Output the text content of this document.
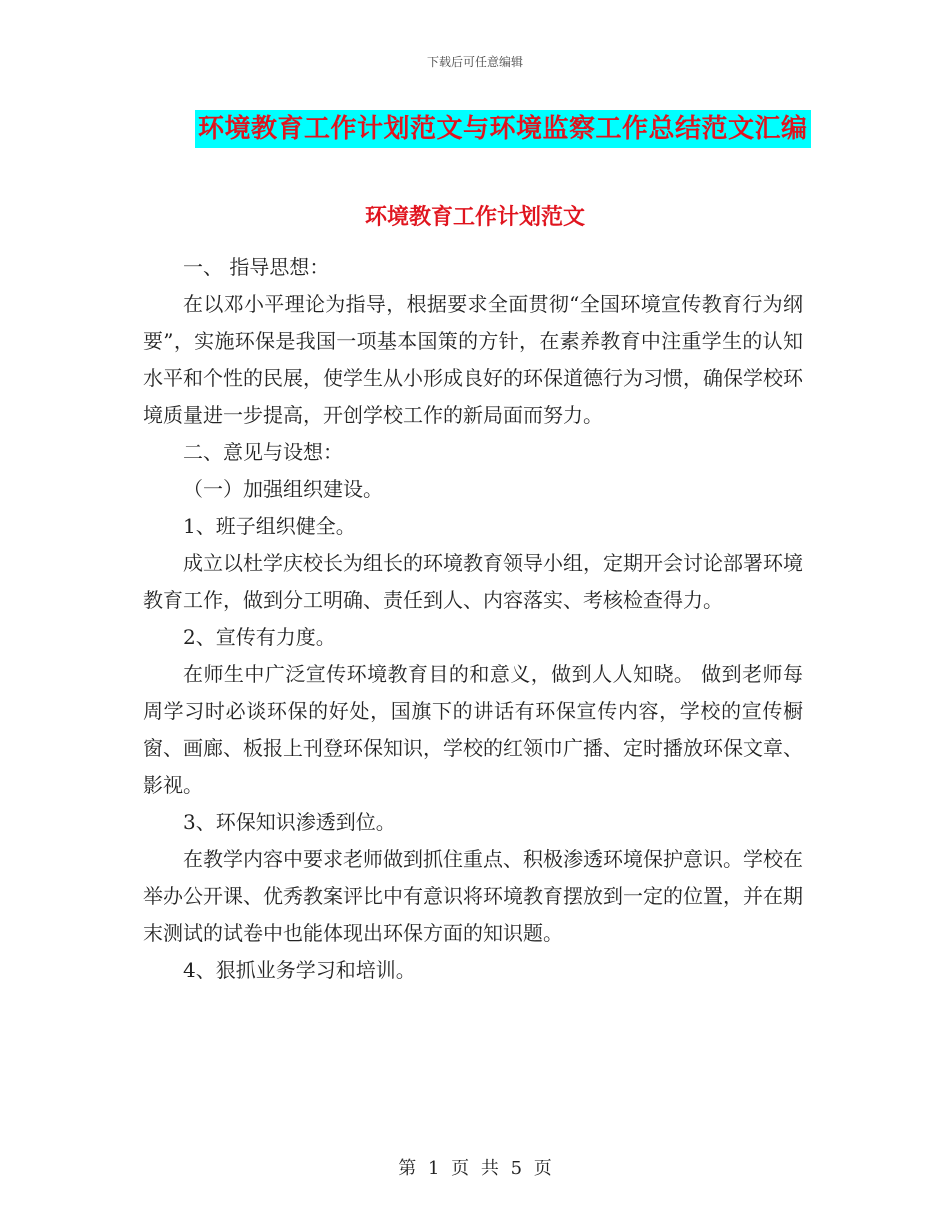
下载后可任意编辑
环境教育工作计划范文与环境监察工作总结范文汇编
环境教育工作计划范文

一、 指导思想：

在以邓小平理论为指导，根据要求全面贯彻“全国环境宣传教育行为纲要”，实施环保是我国一项基本国策的方针，在素养教育中注重学生的认知水平和个性的民展，使学生从小形成良好的环保道德行为习惯，确保学校环境质量进一步提高，开创学校工作的新局面而努力。

二、意见与设想：

（一）加强组织建设。

1、班子组织健全。

成立以杜学庆校长为组长的环境教育领导小组，定期开会讨论部署环境教育工作，做到分工明确、责任到人、内容落实、考核检查得力。

2、宣传有力度。

在师生中广泛宣传环境教育目的和意义，做到人人知晓。 做到老师每周学习时必谈环保的好处，国旗下的讲话有环保宣传内容，学校的宣传橱窗、画廊、板报上刊登环保知识，学校的红领巾广播、定时播放环保文章、影视。

3、环保知识渗透到位。

在教学内容中要求老师做到抓住重点、积极渗透环境保护意识。学校在举办公开课、优秀教案评比中有意识将环境教育摆放到一定的位置，并在期末测试的试卷中也能体现出环保方面的知识题。

4、狠抓业务学习和培训。

第 1 页 共 5 页
